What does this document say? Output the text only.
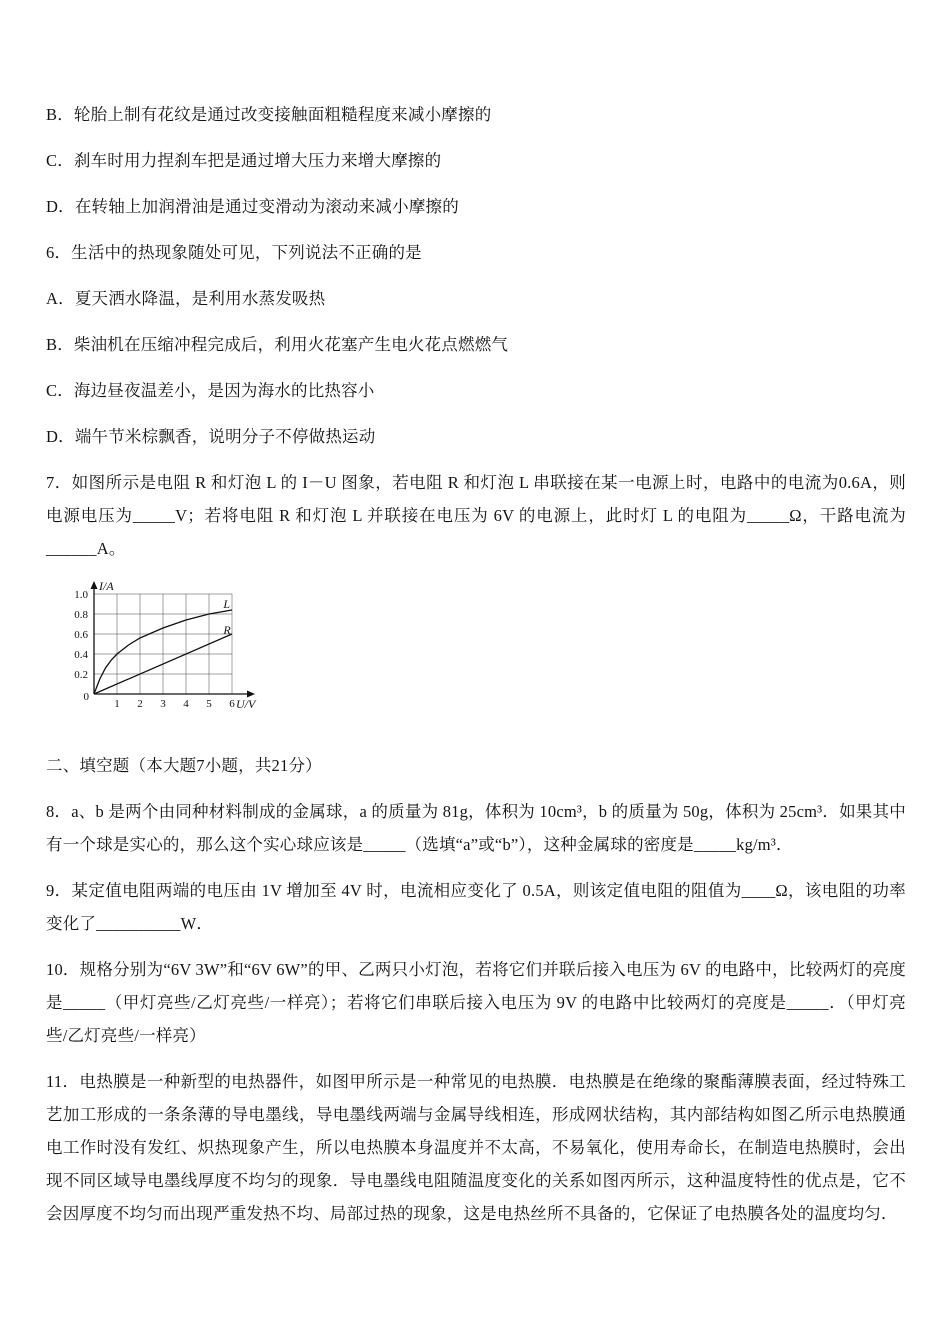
B．轮胎上制有花纹是通过改变接触面粗糙程度来减小摩擦的

C．刹车时用力捏刹车把是通过增大压力来增大摩擦的

D．在转轴上加润滑油是通过变滑动为滚动来减小摩擦的

6．生活中的热现象随处可见，下列说法不正确的是

A．夏天洒水降温，是利用水蒸发吸热

B．柴油机在压缩冲程完成后，利用火花塞产生电火花点燃燃气

C．海边昼夜温差小，是因为海水的比热容小

D．端午节米棕飘香，说明分子不停做热运动

7．如图所示是电阻 R 和灯泡 L 的 I－U 图象，若电阻 R 和灯泡 L 串联接在某一电源上时，电路中的电流为0.6A，则电源电压为_____V；若将电阻 R 和灯泡 L 并联接在电压为 6V 的电源上，此时灯 L 的电阻为_____Ω，干路电流为______A。

I/A
U/V
0.2
0.4
0.6
0.8
1.0
1 2 3 4 5 6
0
L
R

二、填空题（本大题7小题，共21分）

8．a、b 是两个由同种材料制成的金属球，a 的质量为 81g，体积为 10cm³，b 的质量为 50g，体积为 25cm³．如果其中有一个球是实心的，那么这个实心球应该是_____（选填“a”或“b”），这种金属球的密度是_____kg/m³．

9．某定值电阻两端的电压由 1V 增加至 4V 时，电流相应变化了 0.5A，则该定值电阻的阻值为____Ω，该电阻的功率变化了__________W．

10．规格分别为“6V 3W”和“6V 6W”的甲、乙两只小灯泡，若将它们并联后接入电压为 6V 的电路中，比较两灯的亮度是_____（甲灯亮些/乙灯亮些/一样亮）；若将它们串联后接入电压为 9V 的电路中比较两灯的亮度是_____．（甲灯亮些/乙灯亮些/一样亮）

11．电热膜是一种新型的电热器件，如图甲所示是一种常见的电热膜．电热膜是在绝缘的聚酯薄膜表面，经过特殊工艺加工形成的一条条薄的导电墨线，导电墨线两端与金属导线相连，形成网状结构，其内部结构如图乙所示电热膜通电工作时没有发红、炽热现象产生，所以电热膜本身温度并不太高，不易氧化，使用寿命长，在制造电热膜时，会出现不同区域导电墨线厚度不均匀的现象．导电墨线电阻随温度变化的关系如图丙所示，这种温度特性的优点是，它不会因厚度不均匀而出现严重发热不均、局部过热的现象，这是电热丝所不具备的，它保证了电热膜各处的温度均匀．
